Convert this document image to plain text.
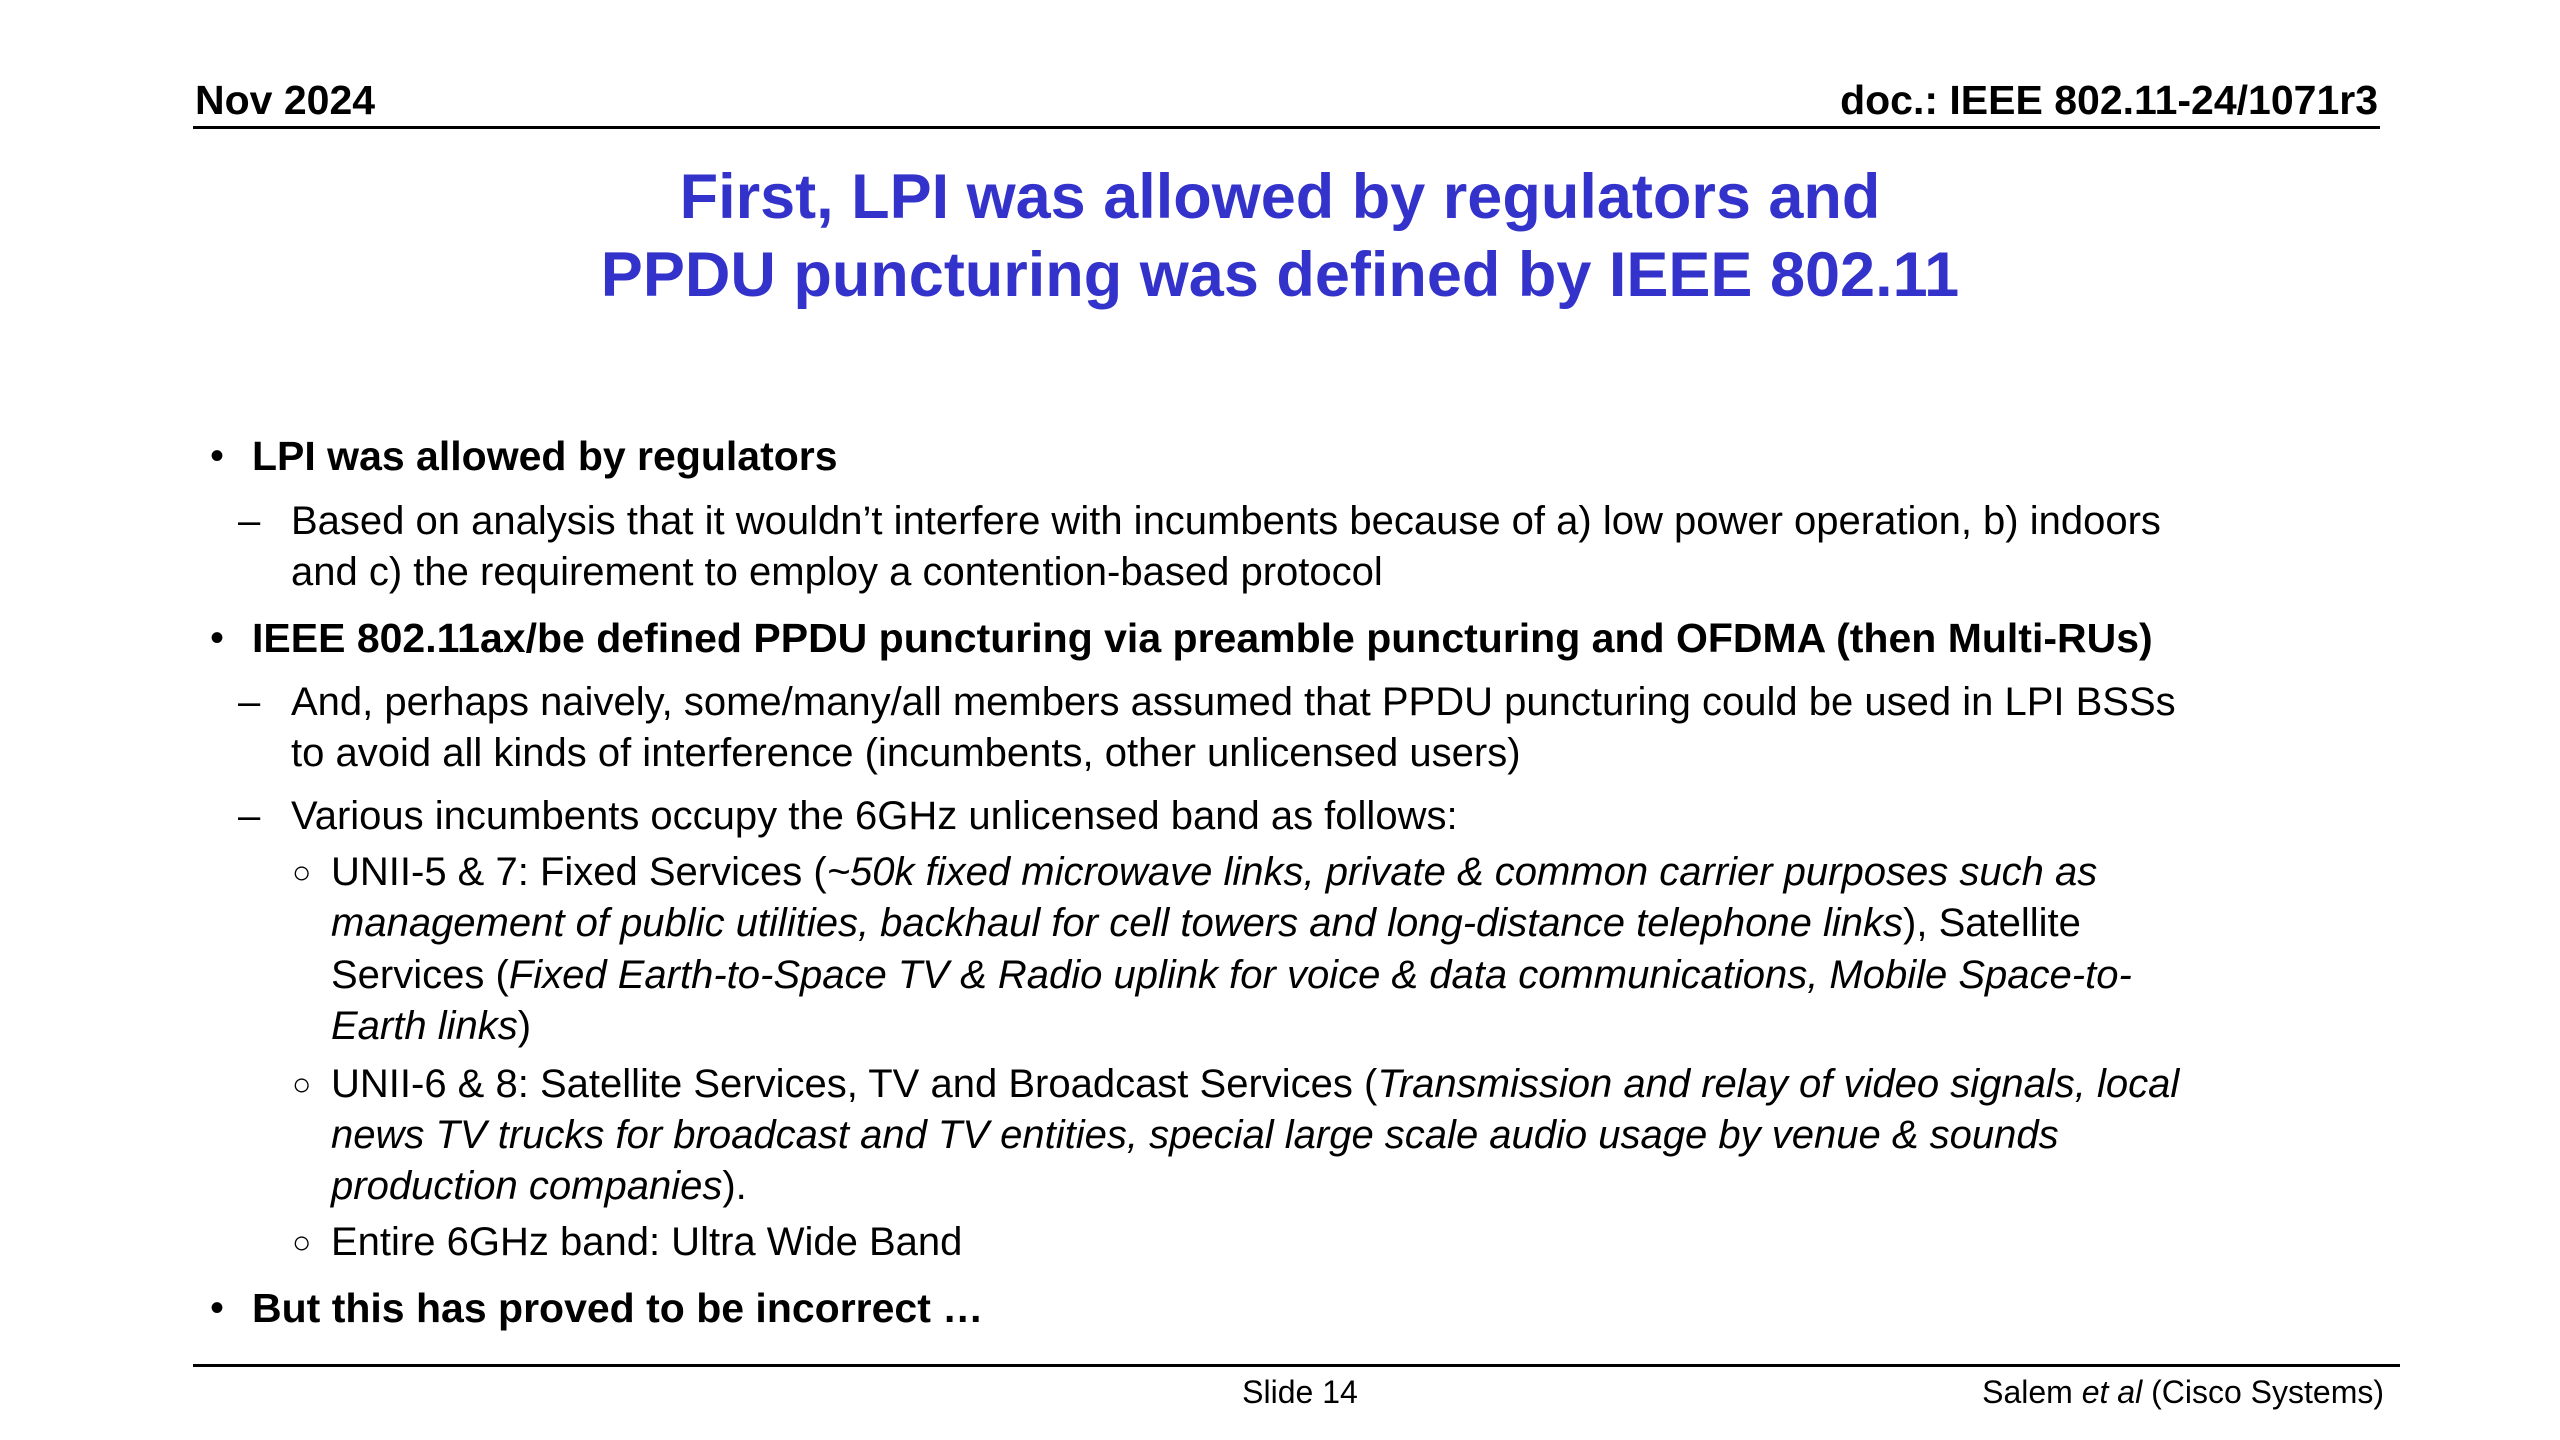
Nov 2024	doc.: IEEE 802.11-24/1071r3
First, LPI was allowed by regulators and
PPDU puncturing was defined by IEEE 802.11
• LPI was allowed by regulators
– Based on analysis that it wouldn’t interfere with incumbents because of a) low power operation, b) indoors
and c) the requirement to employ a contention-based protocol
• IEEE 802.11ax/be defined PPDU puncturing via preamble puncturing and OFDMA (then Multi-RUs)
– And, perhaps naively, some/many/all members assumed that PPDU puncturing could be used in LPI BSSs
to avoid all kinds of interference (incumbents, other unlicensed users)
– Various incumbents occupy the 6GHz unlicensed band as follows:
○ UNII-5 & 7: Fixed Services (~50k fixed microwave links, private & common carrier purposes such as
management of public utilities, backhaul for cell towers and long-distance telephone links), Satellite
Services (Fixed Earth-to-Space TV & Radio uplink for voice & data communications, Mobile Space-to-
Earth links)
○ UNII-6 & 8: Satellite Services, TV and Broadcast Services (Transmission and relay of video signals, local
news TV trucks for broadcast and TV entities, special large scale audio usage by venue & sounds
production companies).
○ Entire 6GHz band: Ultra Wide Band
• But this has proved to be incorrect …
Slide 14	Salem et al (Cisco Systems)
